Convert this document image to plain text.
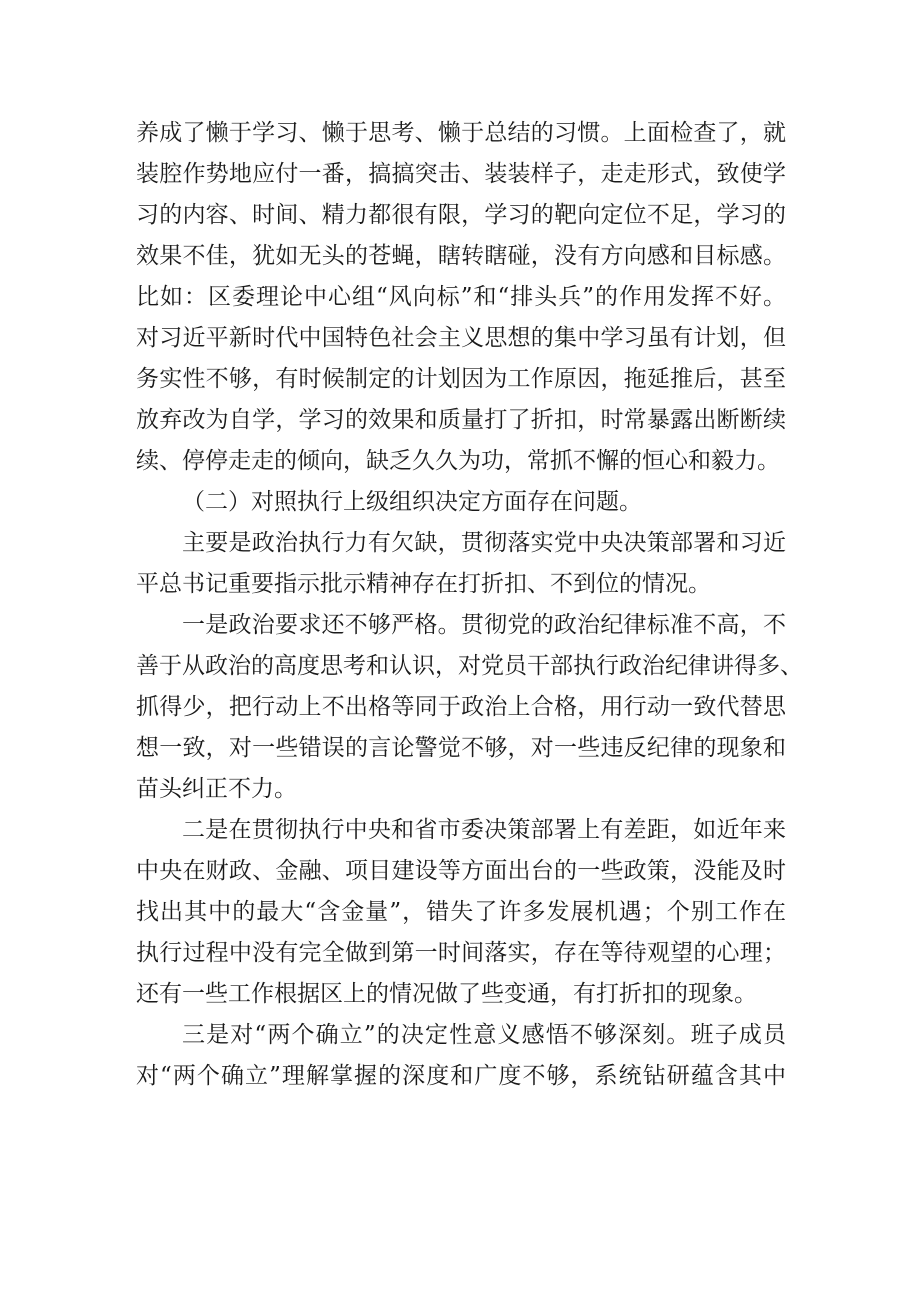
养成了懒于学习、懒于思考、懒于总结的习惯。上面检查了，就
装腔作势地应付一番，搞搞突击、装装样子，走走形式，致使学
习的内容、时间、精力都很有限，学习的靶向定位不足，学习的
效果不佳，犹如无头的苍蝇，瞎转瞎碰，没有方向感和目标感。
比如：区委理论中心组“风向标”和“排头兵”的作用发挥不好。
对习近平新时代中国特色社会主义思想的集中学习虽有计划，但
务实性不够，有时候制定的计划因为工作原因，拖延推后，甚至
放弃改为自学，学习的效果和质量打了折扣，时常暴露出断断续
续、停停走走的倾向，缺乏久久为功，常抓不懈的恒心和毅力。
（二）对照执行上级组织决定方面存在问题。
主要是政治执行力有欠缺，贯彻落实党中央决策部署和习近
平总书记重要指示批示精神存在打折扣、不到位的情况。
一是政治要求还不够严格。贯彻党的政治纪律标准不高，不
善于从政治的高度思考和认识，对党员干部执行政治纪律讲得多、
抓得少，把行动上不出格等同于政治上合格，用行动一致代替思
想一致，对一些错误的言论警觉不够，对一些违反纪律的现象和
苗头纠正不力。
二是在贯彻执行中央和省市委决策部署上有差距，如近年来
中央在财政、金融、项目建设等方面出台的一些政策，没能及时
找出其中的最大“含金量”，错失了许多发展机遇；个别工作在
执行过程中没有完全做到第一时间落实，存在等待观望的心理；
还有一些工作根据区上的情况做了些变通，有打折扣的现象。
三是对“两个确立”的决定性意义感悟不够深刻。班子成员
对“两个确立”理解掌握的深度和广度不够，系统钻研蕴含其中
